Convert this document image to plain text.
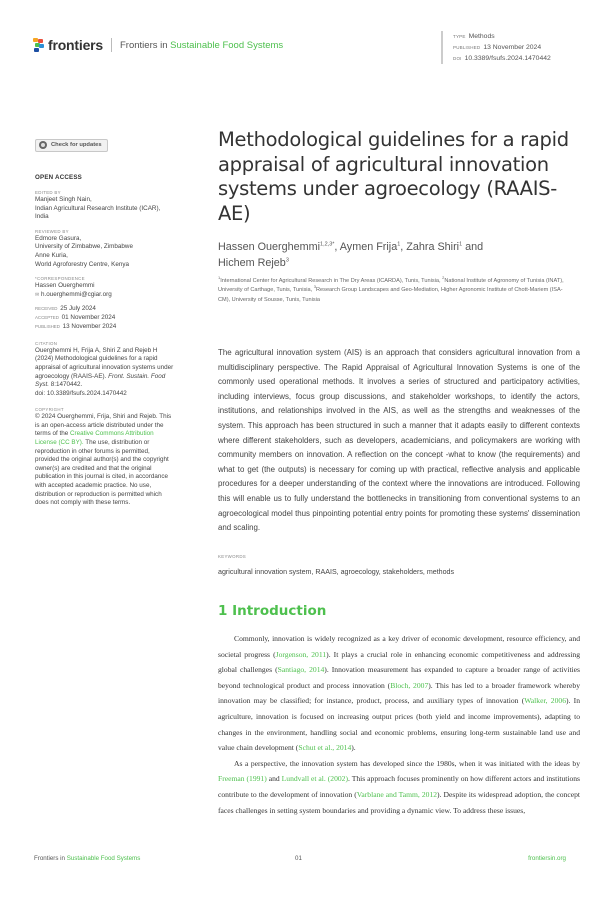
frontiers Frontiers in Sustainable Food Systems
TYPE Methods
PUBLISHED 13 November 2024
DOI 10.3389/fsufs.2024.1470442
Check for updates
OPEN ACCESS
EDITED BY
Manjeet Singh Nain,
Indian Agricultural Research Institute (ICAR),
India
REVIEWED BY
Edmore Gasura,
University of Zimbabwe, Zimbabwe
Anne Kuria,
World Agroforestry Centre, Kenya
*CORRESPONDENCE
Hassen Ouerghemmi
✉ h.ouerghemmi@cgiar.org
RECEIVED 25 July 2024
ACCEPTED 01 November 2024
PUBLISHED 13 November 2024
CITATION
Ouerghemmi H, Frija A, Shiri Z and Rejeb H (2024) Methodological guidelines for a rapid appraisal of agricultural innovation systems under agroecology (RAAIS-AE). Front. Sustain. Food Syst. 8:1470442.
doi: 10.3389/fsufs.2024.1470442
COPYRIGHT
© 2024 Ouerghemmi, Frija, Shiri and Rejeb. This is an open-access article distributed under the terms of the Creative Commons Attribution License (CC BY). The use, distribution or reproduction in other forums is permitted, provided the original author(s) and the copyright owner(s) are credited and that the original publication in this journal is cited, in accordance with accepted academic practice. No use, distribution or reproduction is permitted which does not comply with these terms.
Methodological guidelines for a rapid appraisal of agricultural innovation systems under agroecology (RAAIS-AE)
Hassen Ouerghemmi$^{1,2,3*}$, Aymen Frija$^1$, Zahra Shiri$^1$ and
Hichem Rejeb$^3$
$^1$International Center for Agricultural Research in The Dry Areas (ICARDA), Tunis, Tunisia, $^2$National Institute of Agronomy of Tunisia (INAT), University of Carthage, Tunis, Tunisia, $^3$Research Group Landscapes and Geo-Mediation, Higher Agronomic Institute of Chott-Mariem (ISA-CM), University of Sousse, Tunis, Tunisia
The agricultural innovation system (AIS) is an approach that considers agricultural innovation from a multidisciplinary perspective. The Rapid Appraisal of Agricultural Innovation Systems is one of the commonly used operational methods. It involves a series of structured and participatory activities, including interviews, focus group discussions, and stakeholder workshops, to identify the actors, institutions, and relationships involved in the AIS, as well as the strengths and weaknesses of the system. This approach has been structured in such a manner that it adapts easily to different contexts where different stakeholders, such as developers, academicians, and policymakers are working with community members on innovation. A reflection on the concept -what to know (the requirements) and what to get (the outputs) is necessary for coming up with practical, reflective analysis and applicable procedures for a deeper understanding of the context where the innovations are introduced. Following this will enable us to fully understand the bottlenecks in transitioning from conventional systems to an agroecological model thus pinpointing potential entry points for promoting these systems' dissemination and scaling.
KEYWORDS
agricultural innovation system, RAAIS, agroecology, stakeholders, methods
1 Introduction

Commonly, innovation is widely recognized as a key driver of economic development, resource efficiency, and societal progress (Jorgenson, 2011). It plays a crucial role in enhancing economic competitiveness and addressing global challenges (Santiago, 2014). Innovation measurement has expanded to capture a broader range of activities beyond technological product and process innovation (Bloch, 2007). This has led to a broader framework whereby innovation may be classified; for instance, product, process, and auxiliary types of innovation (Walker, 2006). In agriculture, innovation is focused on increasing output prices (both yield and income improvements), adapting to changes in the environment, handling social and economic problems, ensuring long-term sustainable land use and value chain development (Schut et al., 2014).

As a perspective, the innovation system has developed since the 1980s, when it was initiated with the ideas by Freeman (1991) and Lundvall et al. (2002). This approach focuses prominently on how different actors and institutions contribute to the development of innovation (Varblane and Tamm, 2012). Despite its widespread adoption, the concept faces challenges in setting system boundaries and providing a dynamic view. To address these issues,

Frontiers in Sustainable Food Systems	01	frontiersin.org
